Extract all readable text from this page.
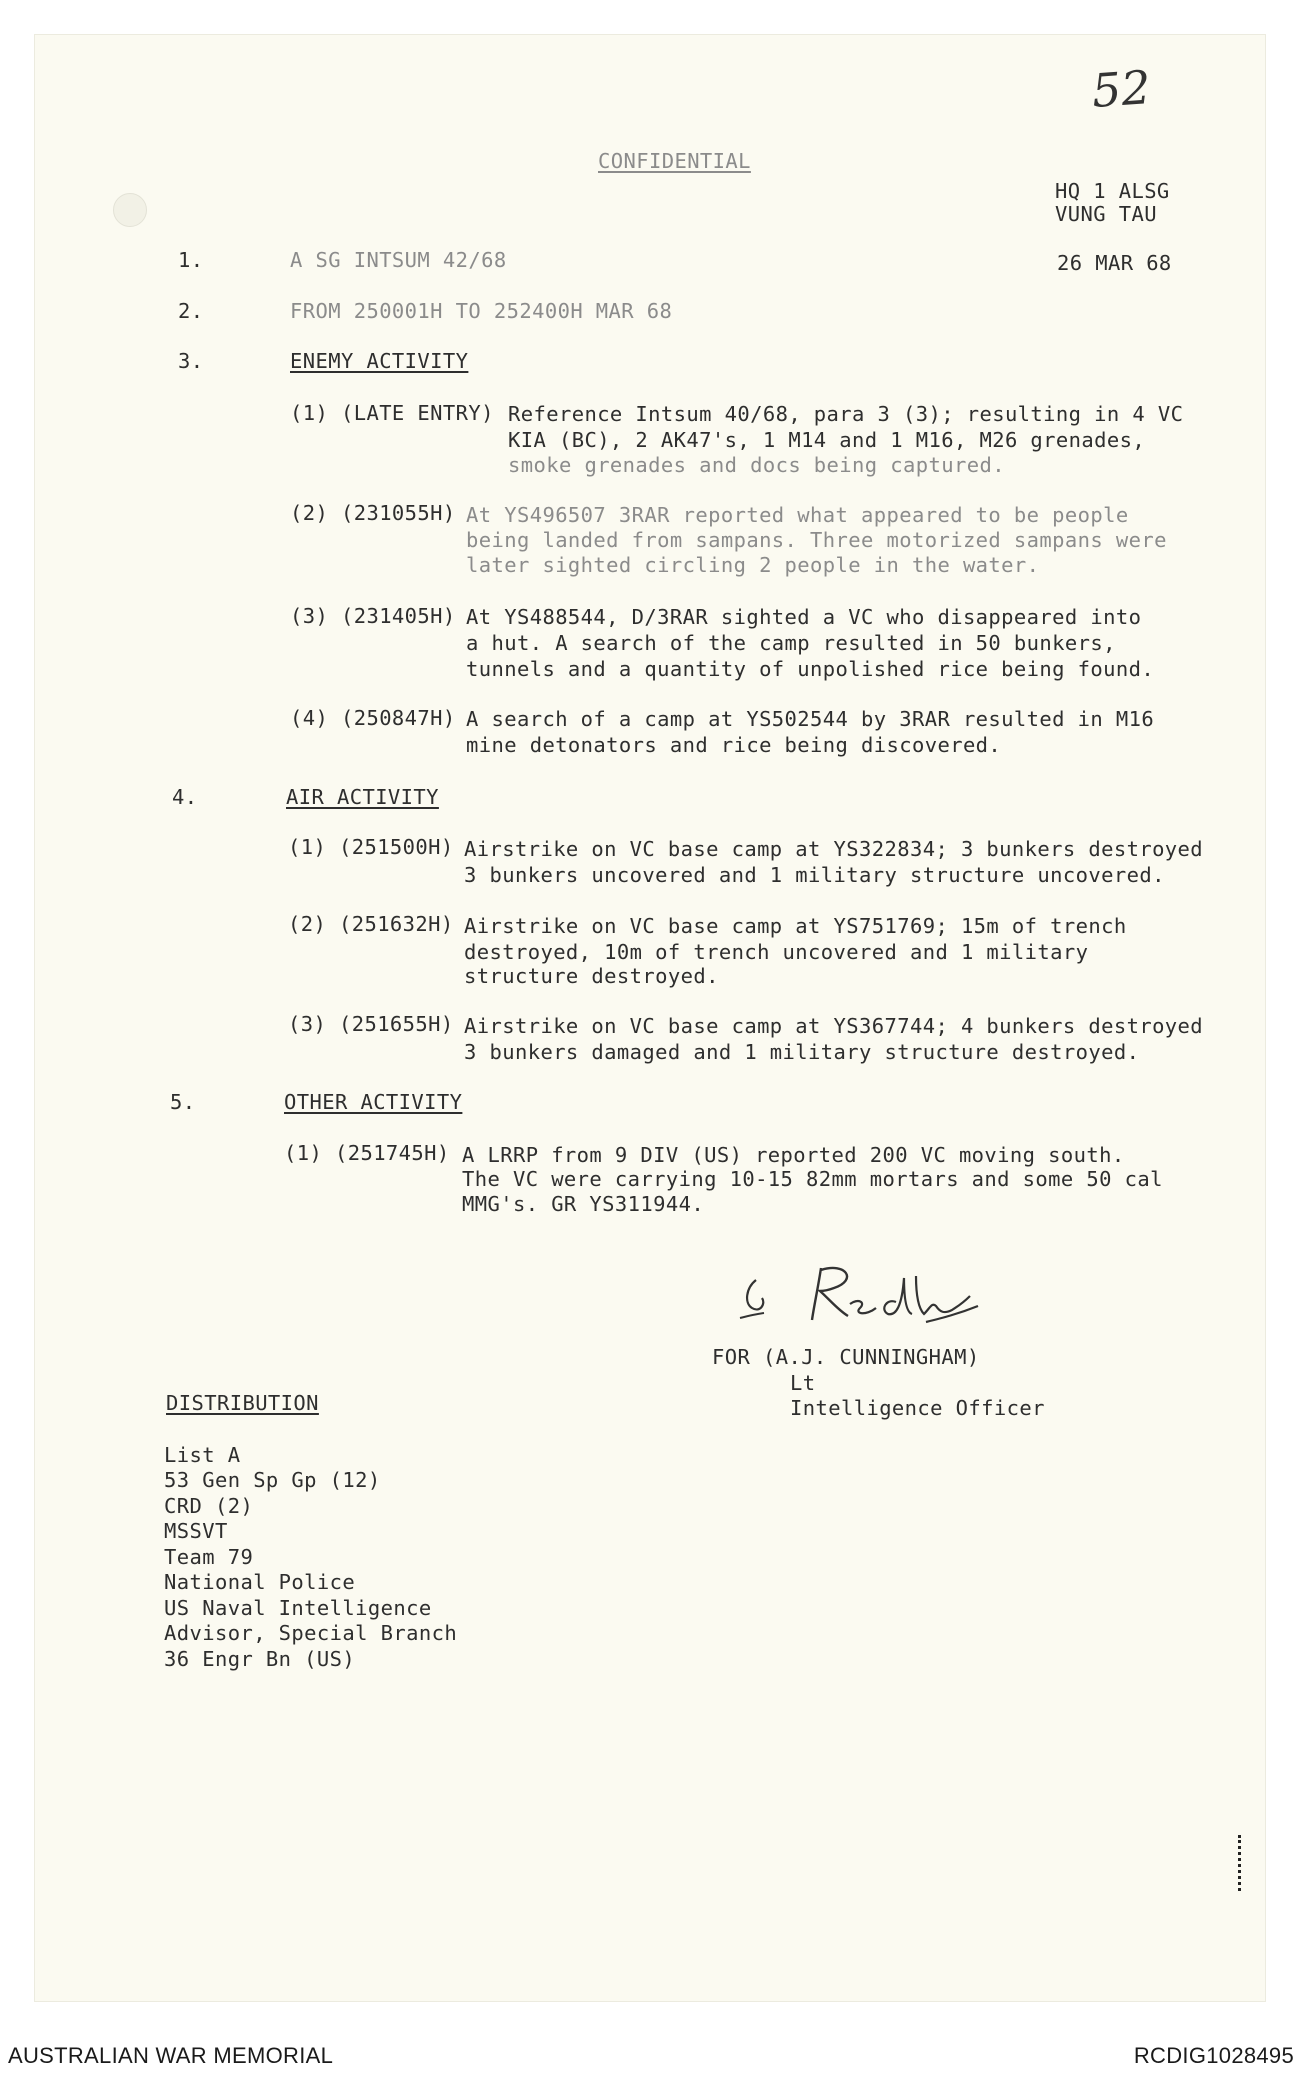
52
CONFIDENTIAL
HQ 1 ALSG
VUNG TAU
26 MAR 68
1.	A SG INTSUM 42/68
2.	FROM 250001H TO 252400H MAR 68
3.	ENEMY ACTIVITY
(1) (LATE ENTRY) Reference Intsum 40/68, para 3 (3); resulting in 4 VC
KIA (BC), 2 AK47's, 1 M14 and 1 M16, M26 grenades,
smoke grenades and docs being captured.
(2) (231055H) At YS496507 3RAR reported what appeared to be people
being landed from sampans. Three motorized sampans were
later sighted circling 2 people in the water.
(3) (231405H) At YS488544, D/3RAR sighted a VC who disappeared into
a hut. A search of the camp resulted in 50 bunkers,
tunnels and a quantity of unpolished rice being found.
(4) (250847H) A search of a camp at YS502544 by 3RAR resulted in M16
mine detonators and rice being discovered.
4.	AIR ACTIVITY
(1) (251500H) Airstrike on VC base camp at YS322834; 3 bunkers destroyed
3 bunkers uncovered and 1 military structure uncovered.
(2) (251632H) Airstrike on VC base camp at YS751769; 15m of trench
destroyed, 10m of trench uncovered and 1 military
structure destroyed.
(3) (251655H) Airstrike on VC base camp at YS367744; 4 bunkers destroyed
3 bunkers damaged and 1 military structure destroyed.
5.	OTHER ACTIVITY
(1) (251745H) A LRRP from 9 DIV (US) reported 200 VC moving south.
The VC were carrying 10-15 82mm mortars and some 50 cal
MMG's. GR YS311944.
FOR (A.J. CUNNINGHAM)
Lt
Intelligence Officer
DISTRIBUTION
List A
53 Gen Sp Gp (12)
CRD (2)
MSSVT
Team 79
National Police
US Naval Intelligence
Advisor, Special Branch
36 Engr Bn (US)
AUSTRALIAN WAR MEMORIAL	RCDIG1028495
